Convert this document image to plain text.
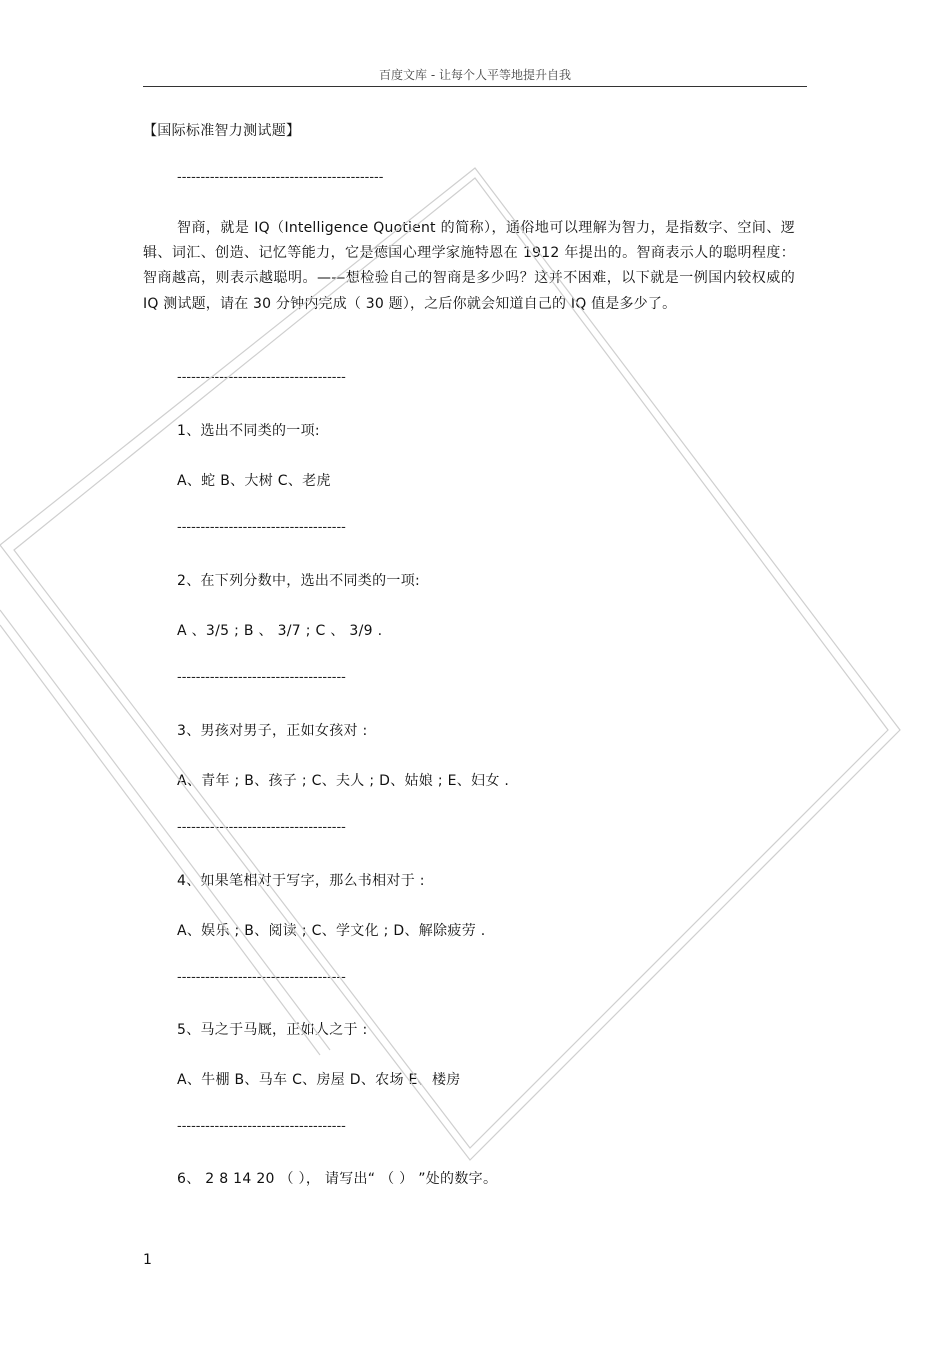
百度文库 - 让每个人平等地提升自我
【国际标准智力测试题】
--------------------------------------------
智商，就是 IQ（Intelligence Quotient 的简称），通俗地可以理解为智力，是指数字、空间、逻辑、词汇、创造、记忆等能力，它是德国心理学家施特恩在 1912 年提出的。智商表示人的聪明程度：智商越高，则表示越聪明。——想检验自己的智商是多少吗？这并不困难，以下就是一例国内较权威的 IQ 测试题，请在 30 分钟内完成（ 30 题），之后你就会知道自己的 IQ 值是多少了。
------------------------------------
1、选出不同类的一项:
A、蛇 B、大树 C、老虎
------------------------------------
2、在下列分数中，选出不同类的一项:
A 、3/5 ; B 、 3/7 ; C 、 3/9 .
------------------------------------
3、男孩对男子，正如女孩对 :
A、青年 ; B、孩子 ; C、夫人 ; D、姑娘 ; E、妇女 .
------------------------------------
4、如果笔相对于写字，那么书相对于 :
A、娱乐 ; B、阅读 ; C、学文化 ; D、解除疲劳 .
------------------------------------
5、马之于马厩，正如人之于 :
A、牛棚 B、马车 C、房屋 D、农场 E、楼房
------------------------------------
6、 2 8 14 20 （ ）， 请写出“ （ ） ”处的数字。
1
